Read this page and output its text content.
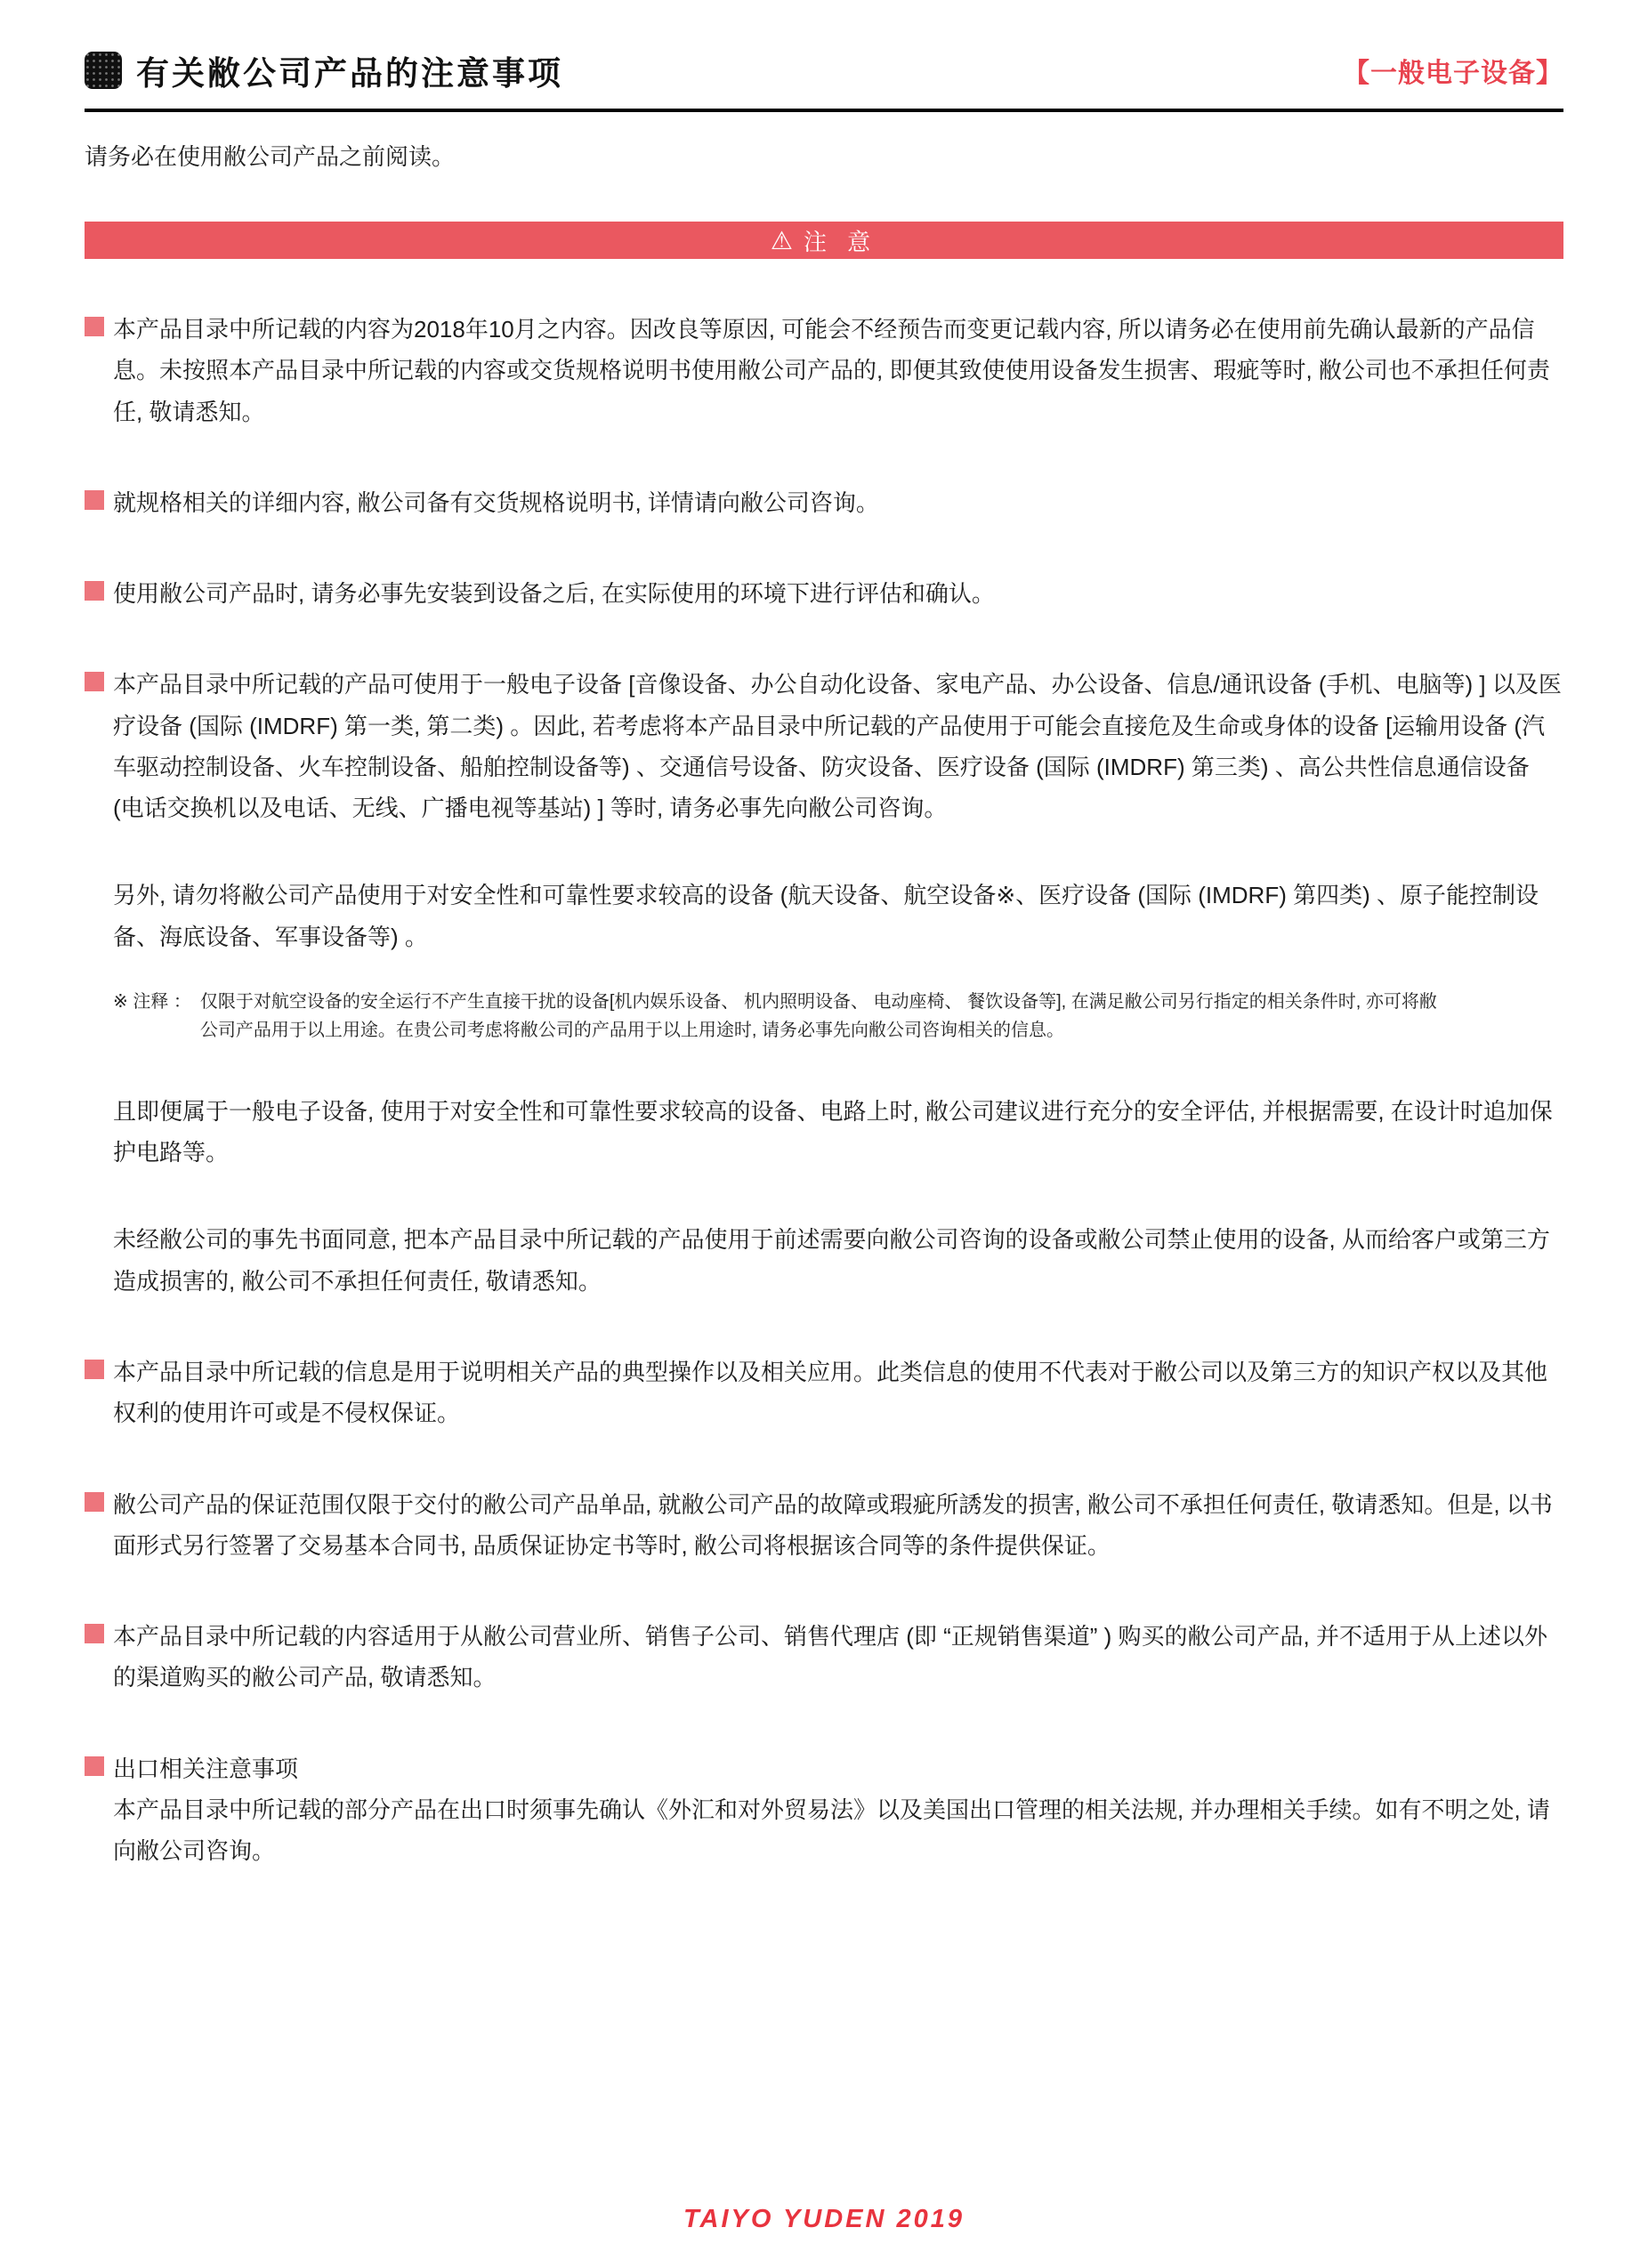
有关敝公司产品的注意事项	【一般电子设备】

请务必在使用敝公司产品之前阅读。

⚠ 注 意

本产品目录中所记载的内容为2018年10月之内容。因改良等原因, 可能会不经预告而变更记载内容, 所以请务必在使用前先确认最新的产品信息。未按照本产品目录中所记载的内容或交货规格说明书使用敝公司产品的, 即便其致使使用设备发生损害、瑕疵等时, 敝公司也不承担任何责任, 敬请悉知。

就规格相关的详细内容, 敝公司备有交货规格说明书, 详情请向敝公司咨询。

使用敝公司产品时, 请务必事先安装到设备之后, 在实际使用的环境下进行评估和确认。

本产品目录中所记载的产品可使用于一般电子设备 [音像设备、办公自动化设备、家电产品、办公设备、信息/通讯设备 (手机、电脑等) ] 以及医疗设备 (国际 (IMDRF) 第一类, 第二类) 。因此, 若考虑将本产品目录中所记载的产品使用于可能会直接危及生命或身体的设备 [运输用设备 (汽车驱动控制设备、火车控制设备、船舶控制设备等) 、交通信号设备、防灾设备、医疗设备 (国际 (IMDRF) 第三类) 、高公共性信息通信设备 (电话交换机以及电话、无线、广播电视等基站) ] 等时, 请务必事先向敝公司咨询。

另外, 请勿将敝公司产品使用于对安全性和可靠性要求较高的设备 (航天设备、航空设备※、医疗设备 (国际 (IMDRF) 第四类) 、原子能控制设备、海底设备、军事设备等) 。

※ 注释 ： 仅限于对航空设备的安全运行不产生直接干扰的设备[机内娱乐设备、 机内照明设备、 电动座椅、 餐饮设备等], 在满足敝公司另行指定的相关条件时, 亦可将敝公司产品用于以上用途。在贵公司考虑将敝公司的产品用于以上用途时, 请务必事先向敝公司咨询相关的信息。

且即便属于一般电子设备, 使用于对安全性和可靠性要求较高的设备、电路上时, 敝公司建议进行充分的安全评估, 并根据需要, 在设计时追加保护电路等。

未经敝公司的事先书面同意, 把本产品目录中所记载的产品使用于前述需要向敝公司咨询的设备或敝公司禁止使用的设备, 从而给客户或第三方造成损害的, 敝公司不承担任何责任, 敬请悉知。

本产品目录中所记载的信息是用于说明相关产品的典型操作以及相关应用。此类信息的使用不代表对于敝公司以及第三方的知识产权以及其他权利的使用许可或是不侵权保证。

敝公司产品的保证范围仅限于交付的敝公司产品单品, 就敝公司产品的故障或瑕疵所誘发的损害, 敝公司不承担任何责任, 敬请悉知。但是, 以书面形式另行签署了交易基本合同书, 品质保证协定书等时, 敝公司将根据该合同等的条件提供保证。

本产品目录中所记载的内容适用于从敝公司营业所、销售子公司、销售代理店 (即 “正规销售渠道” ) 购买的敝公司产品, 并不适用于从上述以外的渠道购买的敝公司产品, 敬请悉知。

出口相关注意事项

本产品目录中所记载的部分产品在出口时须事先确认《外汇和对外贸易法》以及美国出口管理的相关法规, 并办理相关手续。如有不明之处, 请向敝公司咨询。

TAIYO YUDEN 2019
